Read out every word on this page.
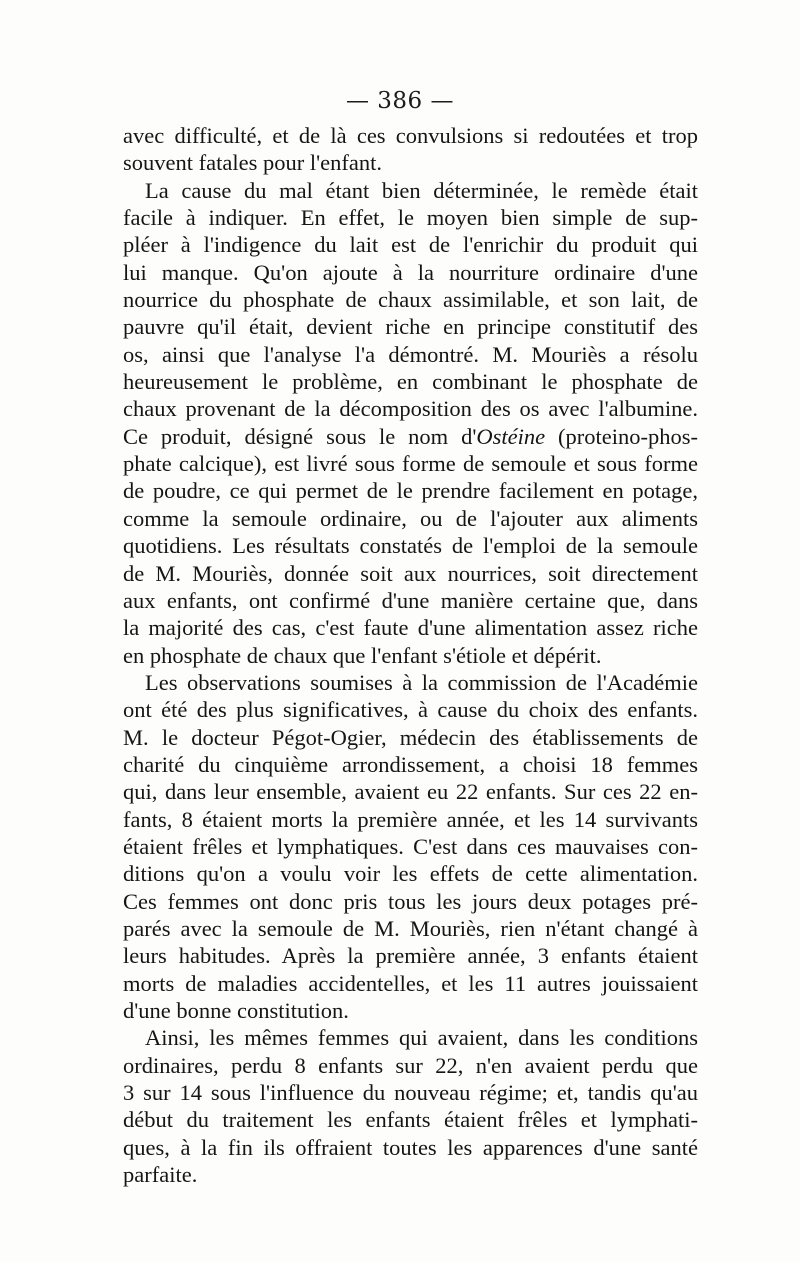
— 386 —
avec difficulté, et de là ces convulsions si redoutées et trop
souvent fatales pour l'enfant.
La cause du mal étant bien déterminée, le remède était
facile à indiquer. En effet, le moyen bien simple de sup-
pléer à l'indigence du lait est de l'enrichir du produit qui
lui manque. Qu'on ajoute à la nourriture ordinaire d'une
nourrice du phosphate de chaux assimilable, et son lait, de
pauvre qu'il était, devient riche en principe constitutif des
os, ainsi que l'analyse l'a démontré. M. Mouriès a résolu
heureusement le problème, en combinant le phosphate de
chaux provenant de la décomposition des os avec l'albumine.
Ce produit, désigné sous le nom d'Ostéine (proteino-phos-
phate calcique), est livré sous forme de semoule et sous forme
de poudre, ce qui permet de le prendre facilement en potage,
comme la semoule ordinaire, ou de l'ajouter aux aliments
quotidiens. Les résultats constatés de l'emploi de la semoule
de M. Mouriès, donnée soit aux nourrices, soit directement
aux enfants, ont confirmé d'une manière certaine que, dans
la majorité des cas, c'est faute d'une alimentation assez riche
en phosphate de chaux que l'enfant s'étiole et dépérit.
Les observations soumises à la commission de l'Académie
ont été des plus significatives, à cause du choix des enfants.
M. le docteur Pégot-Ogier, médecin des établissements de
charité du cinquième arrondissement, a choisi 18 femmes
qui, dans leur ensemble, avaient eu 22 enfants. Sur ces 22 en-
fants, 8 étaient morts la première année, et les 14 survivants
étaient frêles et lymphatiques. C'est dans ces mauvaises con-
ditions qu'on a voulu voir les effets de cette alimentation.
Ces femmes ont donc pris tous les jours deux potages pré-
parés avec la semoule de M. Mouriès, rien n'étant changé à
leurs habitudes. Après la première année, 3 enfants étaient
morts de maladies accidentelles, et les 11 autres jouissaient
d'une bonne constitution.
Ainsi, les mêmes femmes qui avaient, dans les conditions
ordinaires, perdu 8 enfants sur 22, n'en avaient perdu que
3 sur 14 sous l'influence du nouveau régime; et, tandis qu'au
début du traitement les enfants étaient frêles et lymphati-
ques, à la fin ils offraient toutes les apparences d'une santé
parfaite.
